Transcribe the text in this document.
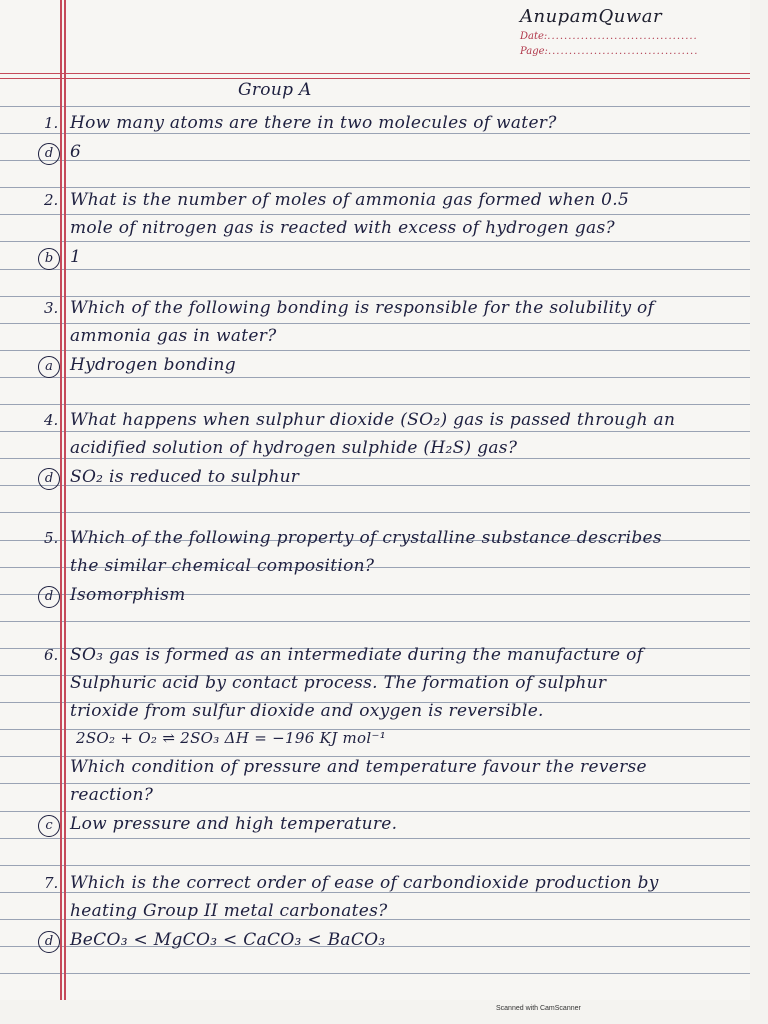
AnupamQuwar
Date:....................................
Page:....................................
Group A
1. How many atoms are there in two molecules of water?
d 6
2. What is the number of moles of ammonia gas formed when 0.5
mole of nitrogen gas is reacted with excess of hydrogen gas?
b 1
3. Which of the following bonding is responsible for the solubility of
ammonia gas in water?
a	Hydrogen bonding
4. What happens when sulphur dioxide (SO₂) gas is passed through an
acidified solution of hydrogen sulphide (H₂S) gas?
d SO₂ is reduced to sulphur
5. Which of the following property of crystalline substance describes
the similar chemical composition?
d Isomorphism
6. SO₃ gas is formed as an intermediate during the manufacture of
Sulphuric acid by contact process. The formation of sulphur
trioxide from sulfur dioxide and oxygen is reversible.
2SO₂ + O₂ ⇌ 2SO₃ ΔH = −196 KJ mol⁻¹
Which condition of pressure and temperature favour the reverse
reaction?
c	Low pressure and high temperature.
7. Which is the correct order of ease of carbondioxide production by
heating Group II metal carbonates?
d BeCO₃ < MgCO₃ < CaCO₃ < BaCO₃
Scanned with CamScanner
